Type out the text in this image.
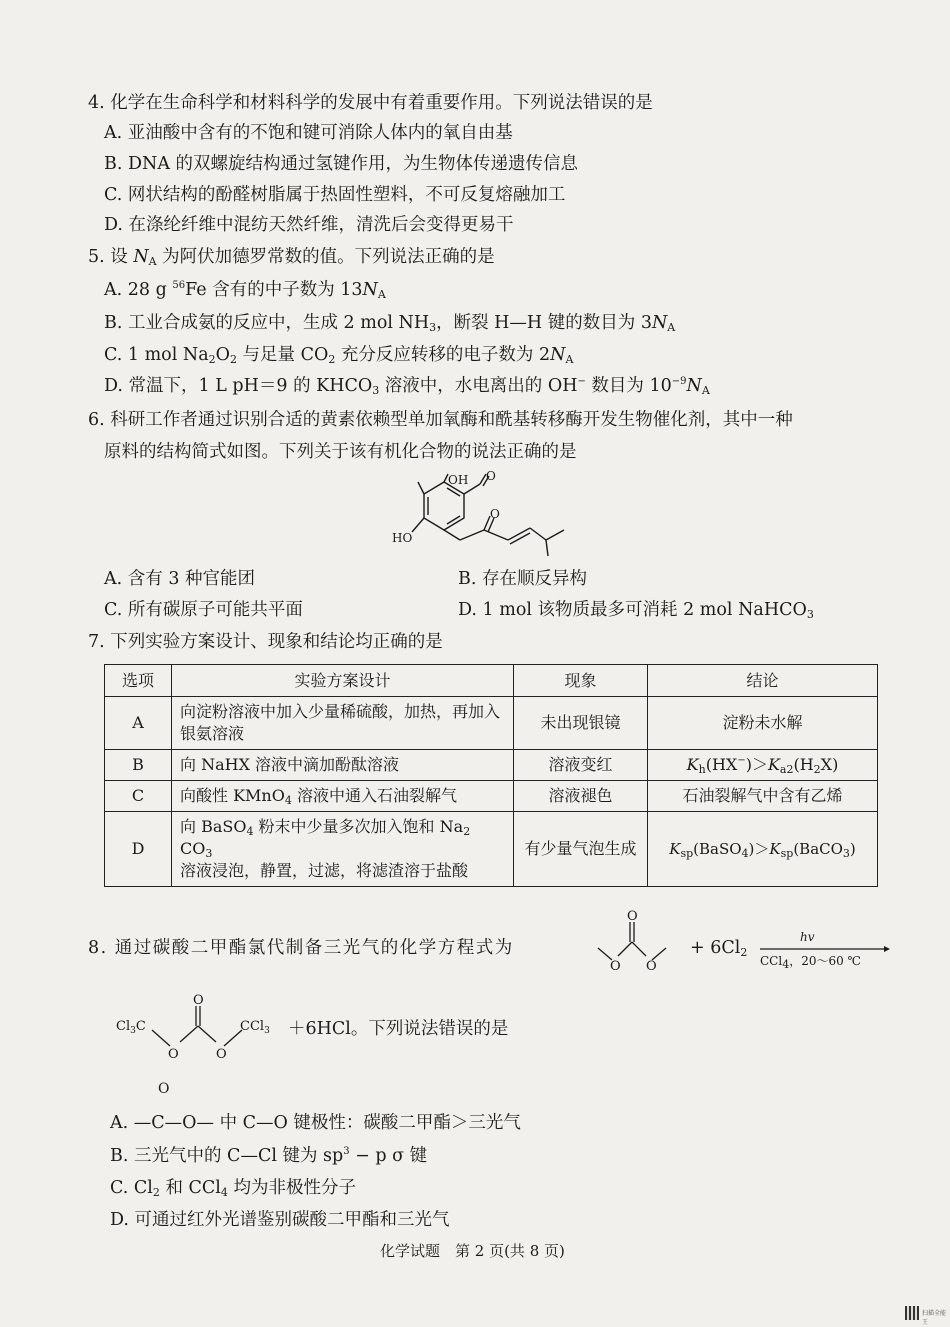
4. 化学在生命科学和材料科学的发展中有着重要作用。下列说法错误的是
A. 亚油酸中含有的不饱和键可消除人体内的氧自由基
B. DNA 的双螺旋结构通过氢键作用，为生物体传递遗传信息
C. 网状结构的酚醛树脂属于热固性塑料，不可反复熔融加工
D. 在涤纶纤维中混纺天然纤维，清洗后会变得更易干
5. 设 $N_A$ 为阿伏加德罗常数的值。下列说法正确的是
A. 28 g $^{56}$Fe 含有的中子数为 $13N_A$
B. 工业合成氨的反应中，生成 2 mol $NH_3$，断裂 H—H 键的数目为 $3N_A$
C. 1 mol $Na_2O_2$ 与足量 $CO_2$ 充分反应转移的电子数为 $2N_A$
D. 常温下，1 L pH＝9 的 $KHCO_3$ 溶液中，水电离出的 OH− 数目为 $10^{-9}N_A$
6. 科研工作者通过识别合适的黄素依赖型单加氧酶和酰基转移酶开发生物催化剂，其中一种
原料的结构简式如图。下列关于该有机化合物的说法正确的是
OH O
HO
O
A. 含有 3 种官能团	B. 存在顺反异构
C. 所有碳原子可能共平面	D. 1 mol 该物质最多可消耗 2 mol NaHCO$_3$
7. 下列实验方案设计、现象和结论均正确的是
选项	实验方案设计	现象	结论
A	向淀粉溶液中加入少量稀硫酸，加热，再加入
银氨溶液	未出现银镜	淀粉未水解
B	向 NaHX 溶液中滴加酚酞溶液	溶液变红	$K_h(HX^-)>K_{a2}(H_2X)$
C	向酸性 KMnO$_4$ 溶液中通入石油裂解气	溶液褪色	石油裂解气中含有乙烯
D	向 BaSO$_4$ 粉末中少量多次加入饱和 $Na_2$ $CO_3$
溶液浸泡，静置，过滤，将滤渣溶于盐酸	有少量气泡生成	$K_{sp}(BaSO_4)>K_{sp}(BaCO_3)$
8. 通过碳酸二甲酯氯代制备三光气的化学方程式为
O
O O
+ $6Cl_2$
hv
CCl$_4$，20～60 ℃
O
O	O
$Cl_3C$	CCl$_3$ ＋6HCl。下列说法错误的是
O
A. —C—O— 中 C—O 键极性：碳酸二甲酯＞三光气
B. 三光气中的 C—Cl 键为 $sp^3 - p$ σ 键
C. $Cl_2$ 和 CCl$_4$ 均为非极性分子
D. 可通过红外光谱鉴别碳酸二甲酯和三光气
化学试题　第 2 页(共 8 页)
扫描全能王
